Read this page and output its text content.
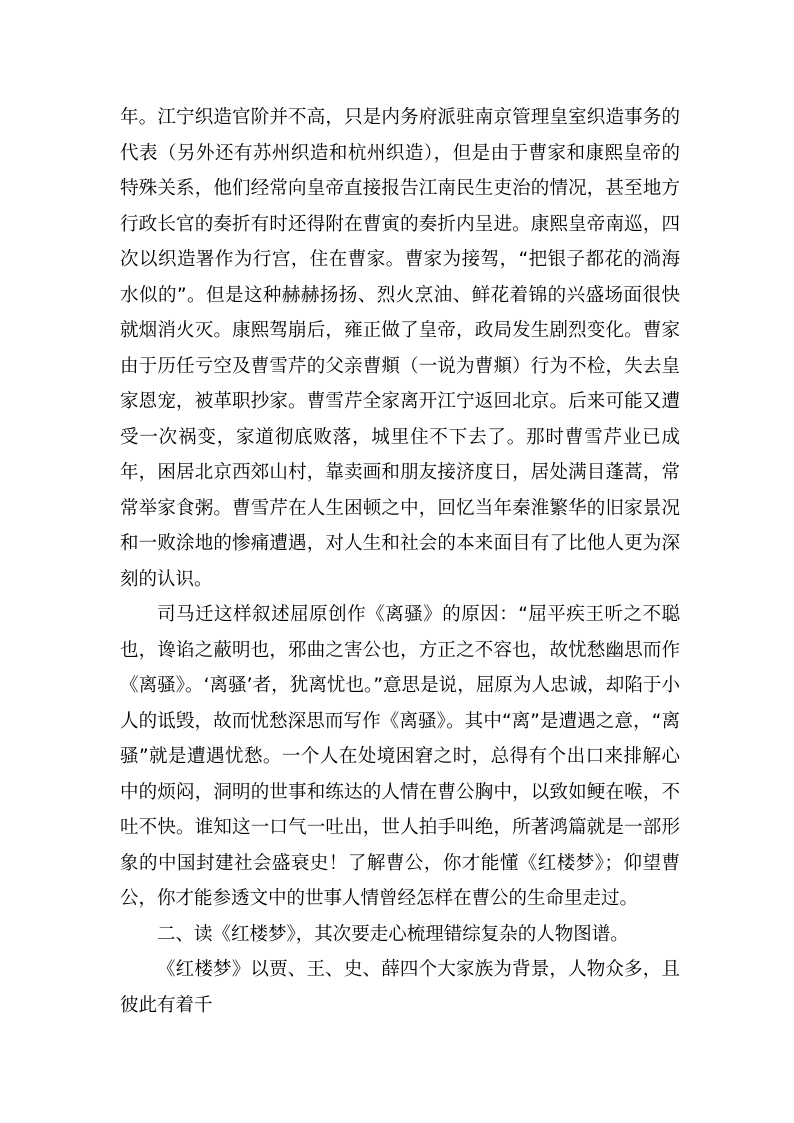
年。江宁织造官阶并不高，只是内务府派驻南京管理皇室织造事务的代表（另外还有苏州织造和杭州织造），但是由于曹家和康熙皇帝的特殊关系，他们经常向皇帝直接报告江南民生吏治的情况，甚至地方行政长官的奏折有时还得附在曹寅的奏折内呈进。康熙皇帝南巡，四次以织造署作为行宫，住在曹家。曹家为接驾，“把银子都花的淌海水似的”。但是这种赫赫扬扬、烈火烹油、鲜花着锦的兴盛场面很快就烟消火灭。康熙驾崩后，雍正做了皇帝，政局发生剧烈变化。曹家由于历任亏空及曹雪芹的父亲曹頫（一说为曹頫）行为不检，失去皇家恩宠，被革职抄家。曹雪芹全家离开江宁返回北京。后来可能又遭受一次祸变，家道彻底败落，城里住不下去了。那时曹雪芹业已成年，困居北京西郊山村，靠卖画和朋友接济度日，居处满目蓬蒿，常常举家食粥。曹雪芹在人生困顿之中，回忆当年秦淮繁华的旧家景况和一败涂地的惨痛遭遇，对人生和社会的本来面目有了比他人更为深刻的认识。

司马迁这样叙述屈原创作《离骚》的原因：“屈平疾王听之不聪也，谗谄之蔽明也，邪曲之害公也，方正之不容也，故忧愁幽思而作《离骚》。‘离骚’者，犹离忧也。”意思是说，屈原为人忠诚，却陷于小人的诋毁，故而忧愁深思而写作《离骚》。其中“离”是遭遇之意，“离骚”就是遭遇忧愁。一个人在处境困窘之时，总得有个出口来排解心中的烦闷，洞明的世事和练达的人情在曹公胸中，以致如鲠在喉，不吐不快。谁知这一口气一吐出，世人拍手叫绝，所著鸿篇就是一部形象的中国封建社会盛衰史！了解曹公，你才能懂《红楼梦》；仰望曹公，你才能参透文中的世事人情曾经怎样在曹公的生命里走过。

二、读《红楼梦》，其次要走心梳理错综复杂的人物图谱。

《红楼梦》以贾、王、史、薛四个大家族为背景，人物众多，且彼此有着千
